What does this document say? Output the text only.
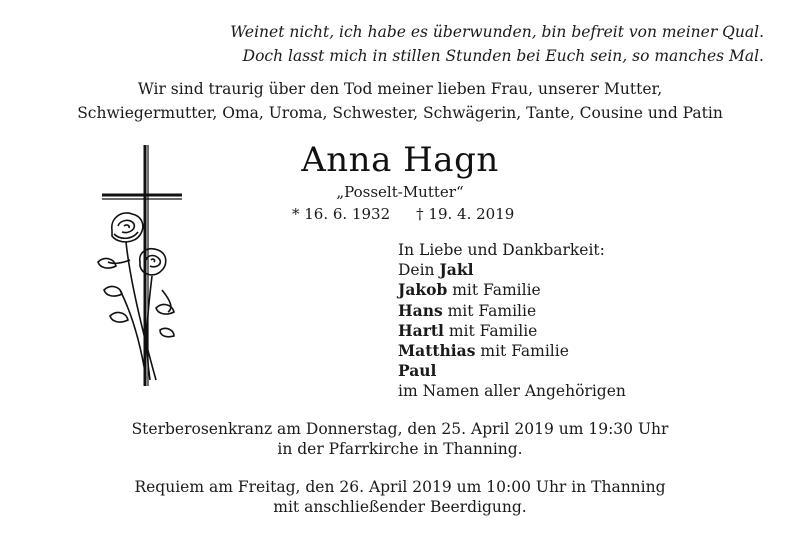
Weinet nicht, ich habe es überwunden, bin befreit von meiner Qual.
Doch lasst mich in stillen Stunden bei Euch sein, so manches Mal.
Wir sind traurig über den Tod meiner lieben Frau, unserer Mutter,
Schwiegermutter, Oma, Uroma, Schwester, Schwägerin, Tante, Cousine und Patin
Anna Hagn
„Posselt-Mutter“
* 16. 6. 1932 † 19. 4. 2019
In Liebe und Dankbarkeit:
Dein Jakl
Jakob mit Familie
Hans mit Familie
Hartl mit Familie
Matthias mit Familie
Paul
im Namen aller Angehörigen
Sterberosenkranz am Donnerstag, den 25. April 2019 um 19:30 Uhr
in der Pfarrkirche in Thanning.
Requiem am Freitag, den 26. April 2019 um 10:00 Uhr in Thanning
mit anschließender Beerdigung.
